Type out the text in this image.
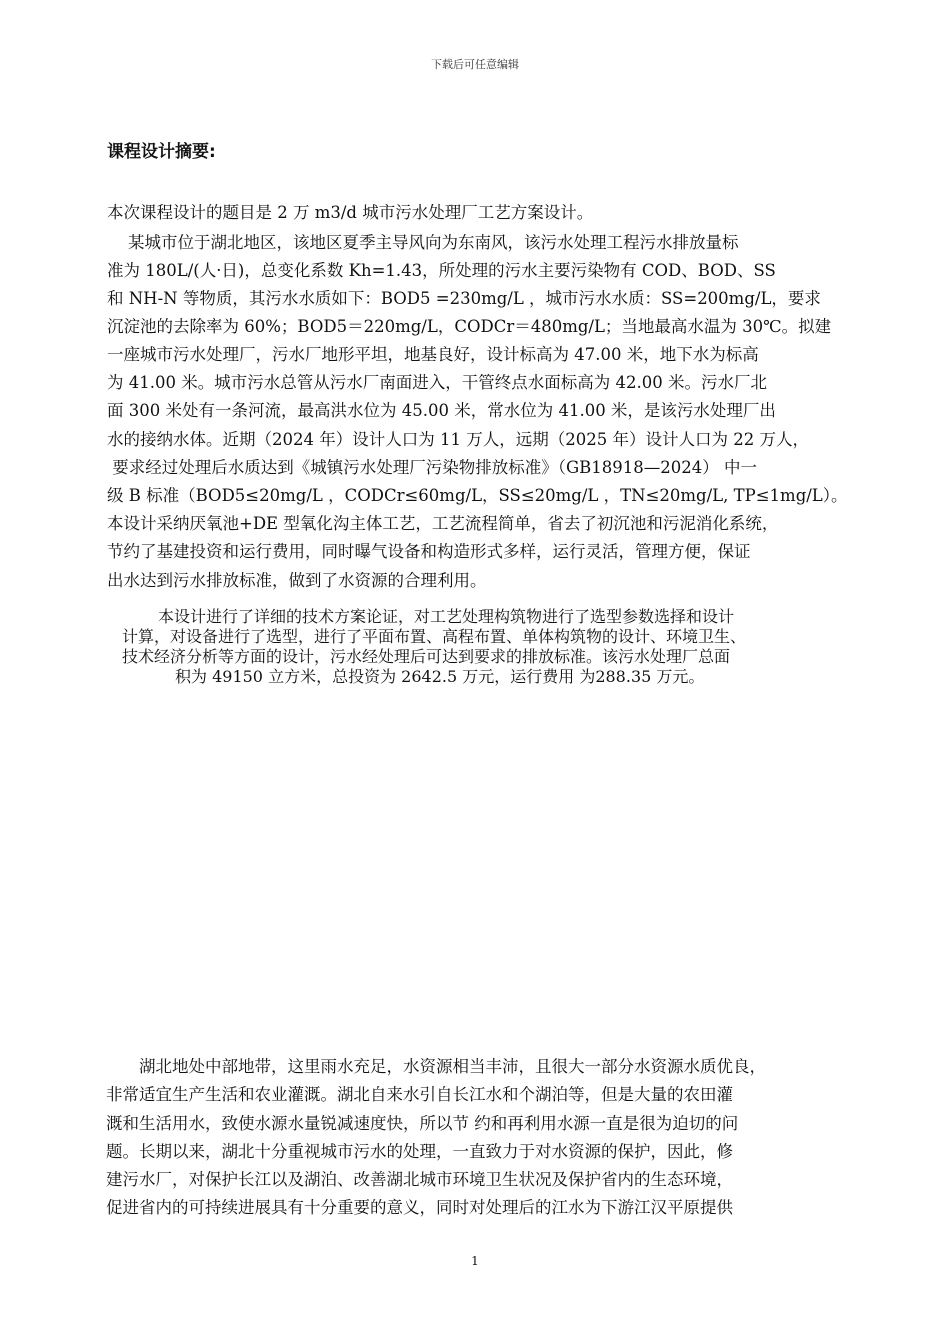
下载后可任意编辑
课程设计摘要:
本次课程设计的题目是 2 万 m3/d 城市污水处理厂工艺方案设计。
某城市位于湖北地区，该地区夏季主导风向为东南风，该污水处理工程污水排放量标
准为 180L/(人·日)，总变化系数 Kh=1.43，所处理的污水主要污染物有 COD、BOD、SS
和 NH-N 等物质，其污水水质如下：BOD5 =230mg/L ，城市污水水质：SS=200mg/L，要求
沉淀池的去除率为 60%；BOD5＝220mg/L，CODCr＝480mg/L；当地最高水温为 30℃。拟建
一座城市污水处理厂，污水厂地形平坦，地基良好，设计标高为 47.00 米，地下水为标高
为 41.00 米。城市污水总管从污水厂南面进入，干管终点水面标高为 42.00 米。污水厂北
面 300 米处有一条河流，最高洪水位为 45.00 米，常水位为 41.00 米，是该污水处理厂出
水的接纳水体。近期（2024 年）设计人口为 11 万人，远期（2025 年）设计人口为 22 万人，
要求经过处理后水质达到《城镇污水处理厂污染物排放标准》（GB18918—2024） 中一
级 B 标准（BOD5≤20mg/L ，CODCr≤60mg/L，SS≤20mg/L ，TN≤20mg/L, TP≤1mg/L）。
本设计采纳厌氧池+DE 型氧化沟主体工艺，工艺流程简单，省去了初沉池和污泥消化系统，
节约了基建投资和运行费用，同时曝气设备和构造形式多样，运行灵活，管理方便，保证
出水达到污水排放标准，做到了水资源的合理利用。
本设计进行了详细的技术方案论证，对工艺处理构筑物进行了选型参数选择和设计
计算，对设备进行了选型，进行了平面布置、高程布置、单体构筑物的设计、环境卫生、
技术经济分析等方面的设计，污水经处理后可达到要求的排放标准。该污水处理厂总面
积为 49150 立方米，总投资为 2642.5 万元，运行费用 为288.35 万元。
湖北地处中部地带，这里雨水充足，水资源相当丰沛，且很大一部分水资源水质优良，
非常适宜生产生活和农业灌溉。湖北自来水引自长江水和个湖泊等，但是大量的农田灌
溉和生活用水，致使水源水量锐减速度快，所以节 约和再利用水源一直是很为迫切的问
题。长期以来，湖北十分重视城市污水的处理，一直致力于对水资源的保护，因此，修
建污水厂，对保护长江以及湖泊、改善湖北城市环境卫生状况及保护省内的生态环境，
促进省内的可持续进展具有十分重要的意义，同时对处理后的江水为下游江汉平原提供
1
